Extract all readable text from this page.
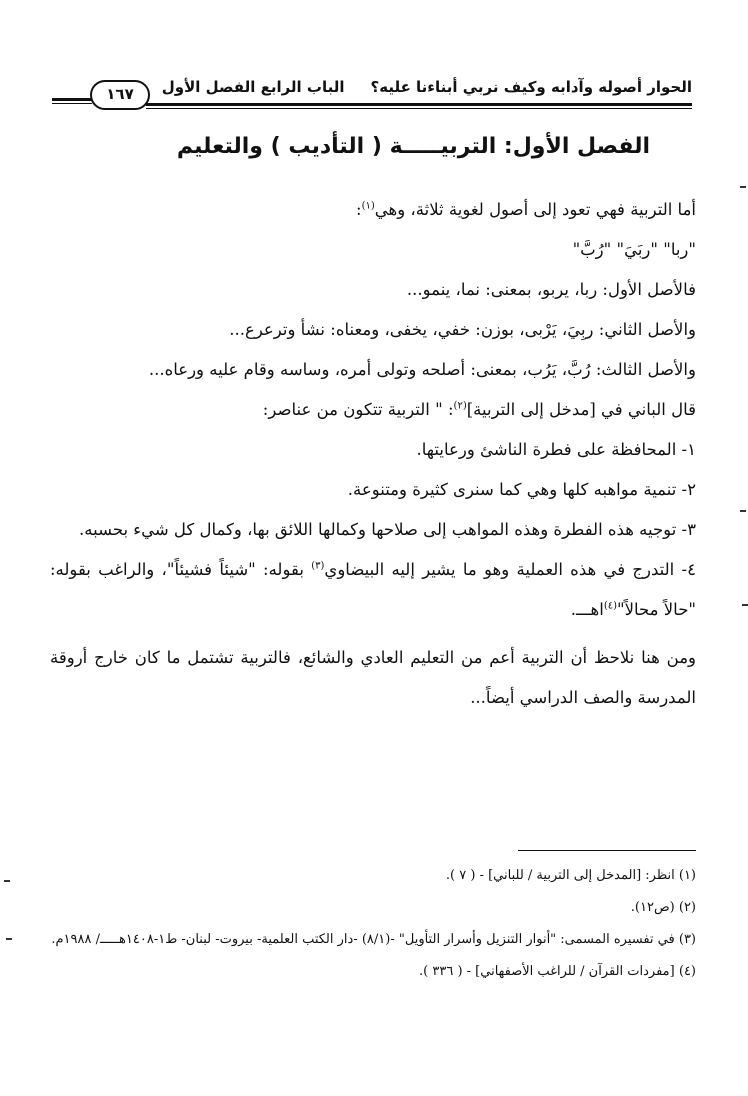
١٦٧	الحوار أصوله وآدابه وكيف نربي أبناءنا عليه؟الباب الرابع الفصل الأول
الفصل الأول: التربيـــــة ( التأديب ) والتعليم

أما التربية فهي تعود إلى أصول لغوية ثلاثة، وهي$^{(١)}$:

"ربا" "ربَيَ" "رُبَّ"

فالأصل الأول: ربا، يربو، بمعنى: نما، ينمو...

والأصل الثاني: ربِيَ، يَرْبى، بوزن: خفي، يخفى، ومعناه: نشأ وترعرع...

والأصل الثالث: رُبَّ، يَرُب، بمعنى: أصلحه وتولى أمره، وساسه وقام عليه ورعاه...

قال الباني في [مدخل إلى التربية]$^{(٢)}$: " التربية تتكون من عناصر:

١- المحافظة على فطرة الناشئ ورعايتها.

٢- تنمية مواهبه كلها وهي كما سنرى كثيرة ومتنوعة.

٣- توجيه هذه الفطرة وهذه المواهب إلى صلاحها وكمالها اللائق بها، وكمال كل شيء بحسبه.

٤- التدرج في هذه العملية وهو ما يشير إليه البيضاوي$^{(٣)}$ بقوله: "شيئاً فشيئاً"، والراغب بقوله: "حالاً محالاً"$^{(٤)}$اهـــ.

ومن هنا نلاحظ أن التربية أعم من التعليم العادي والشائع، فالتربية تشتمل ما كان خارج أروقة المدرسة والصف الدراسي أيضاً...

(١) انظر: [المدخل إلى التربية / للباني] - ( ٧ ).

(٢) (ص١٢).

(٣) في تفسيره المسمى: "أنوار التنزيل وأسرار التأويل" -(٨/١) -دار الكتب العلمية- بيروت- لبنان- ط١-١٤٠٨هـــــ/ ١٩٨٨م.

(٤) [مفردات القرآن / للراغب الأصفهاني] - ( ٣٣٦ ).
